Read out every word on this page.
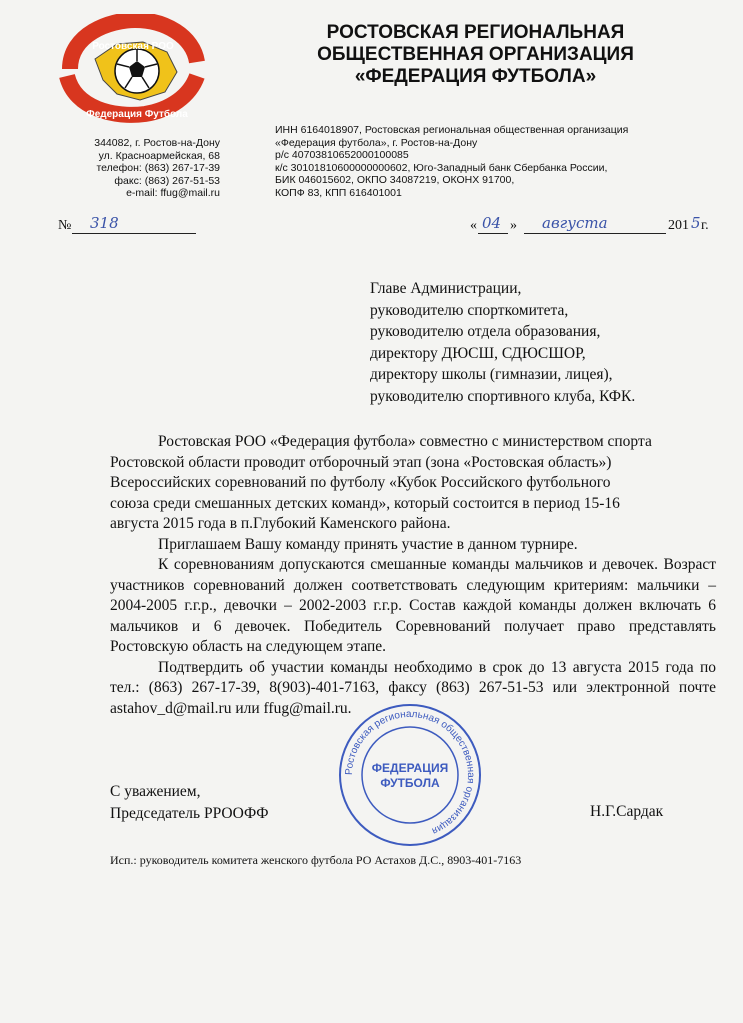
Ростовская РОО
Федерация Футбола
РОСТОВСКАЯ РЕГИОНАЛЬНАЯ
ОБЩЕСТВЕННАЯ ОРГАНИЗАЦИЯ
«ФЕДЕРАЦИЯ ФУТБОЛА»
344082, г. Ростов-на-Дону
ул. Красноармейская, 68
телефон: (863) 267-17-39
факс: (863) 267-51-53
e-mail: ffug@mail.ru
ИНН 6164018907, Ростовская региональная общественная организация
«Федерация футбола», г. Ростов-на-Дону
р/с 40703810652000100085
к/с 30101810600000000602, Юго-Западный банк Сбербанка России,
БИК 046015602, ОКПО 34087219, ОКОНХ 91700,
КОПФ 83, КПП 616401001
№ 318	« 04 » августа	201 5 г.
Главе Администрации,
руководителю спорткомитета,
руководителю отдела образования,
директору ДЮСШ, СДЮСШОР,
директору школы (гимназии, лицея),
руководителю спортивного клуба, КФК.

Ростовская РОО «Федерация футбола» совместно с министерством спорта

Ростовской области проводит отборочный этап (зона «Ростовская область»)

Всероссийских соревнований по футболу «Кубок Российского футбольного

союза среди смешанных детских команд», который состоится в период 15-16

августа 2015 года в п.Глубокий Каменского района.

Приглашаем Вашу команду принять участие в данном турнире.

К соревнованиям допускаются смешанные команды мальчиков и девочек. Возраст участников соревнований должен соответствовать следующим критериям: мальчики –2004-2005 г.г.р., девочки – 2002-2003 г.г.р. Состав каждой команды должен включать 6 мальчиков и 6 девочек. Победитель Соревнований получает право представлять Ростовскую область на следующем этапе.

Подтвердить об участии команды необходимо в срок до 13 августа 2015 года по тел.: (863) 267-17-39, 8(903)-401-7163, факсу (863) 267-51-53 или электронной почте astahov_d@mail.ru или ffug@mail.ru.

Ростовская региональная общественная организация
ФЕДЕРАЦИЯ
ФУТБОЛА
С уважением,
Председатель РРООФФ	Н.Г.Сардак
Исп.: руководитель комитета женского футбола РО Астахов Д.С., 8903-401-7163
